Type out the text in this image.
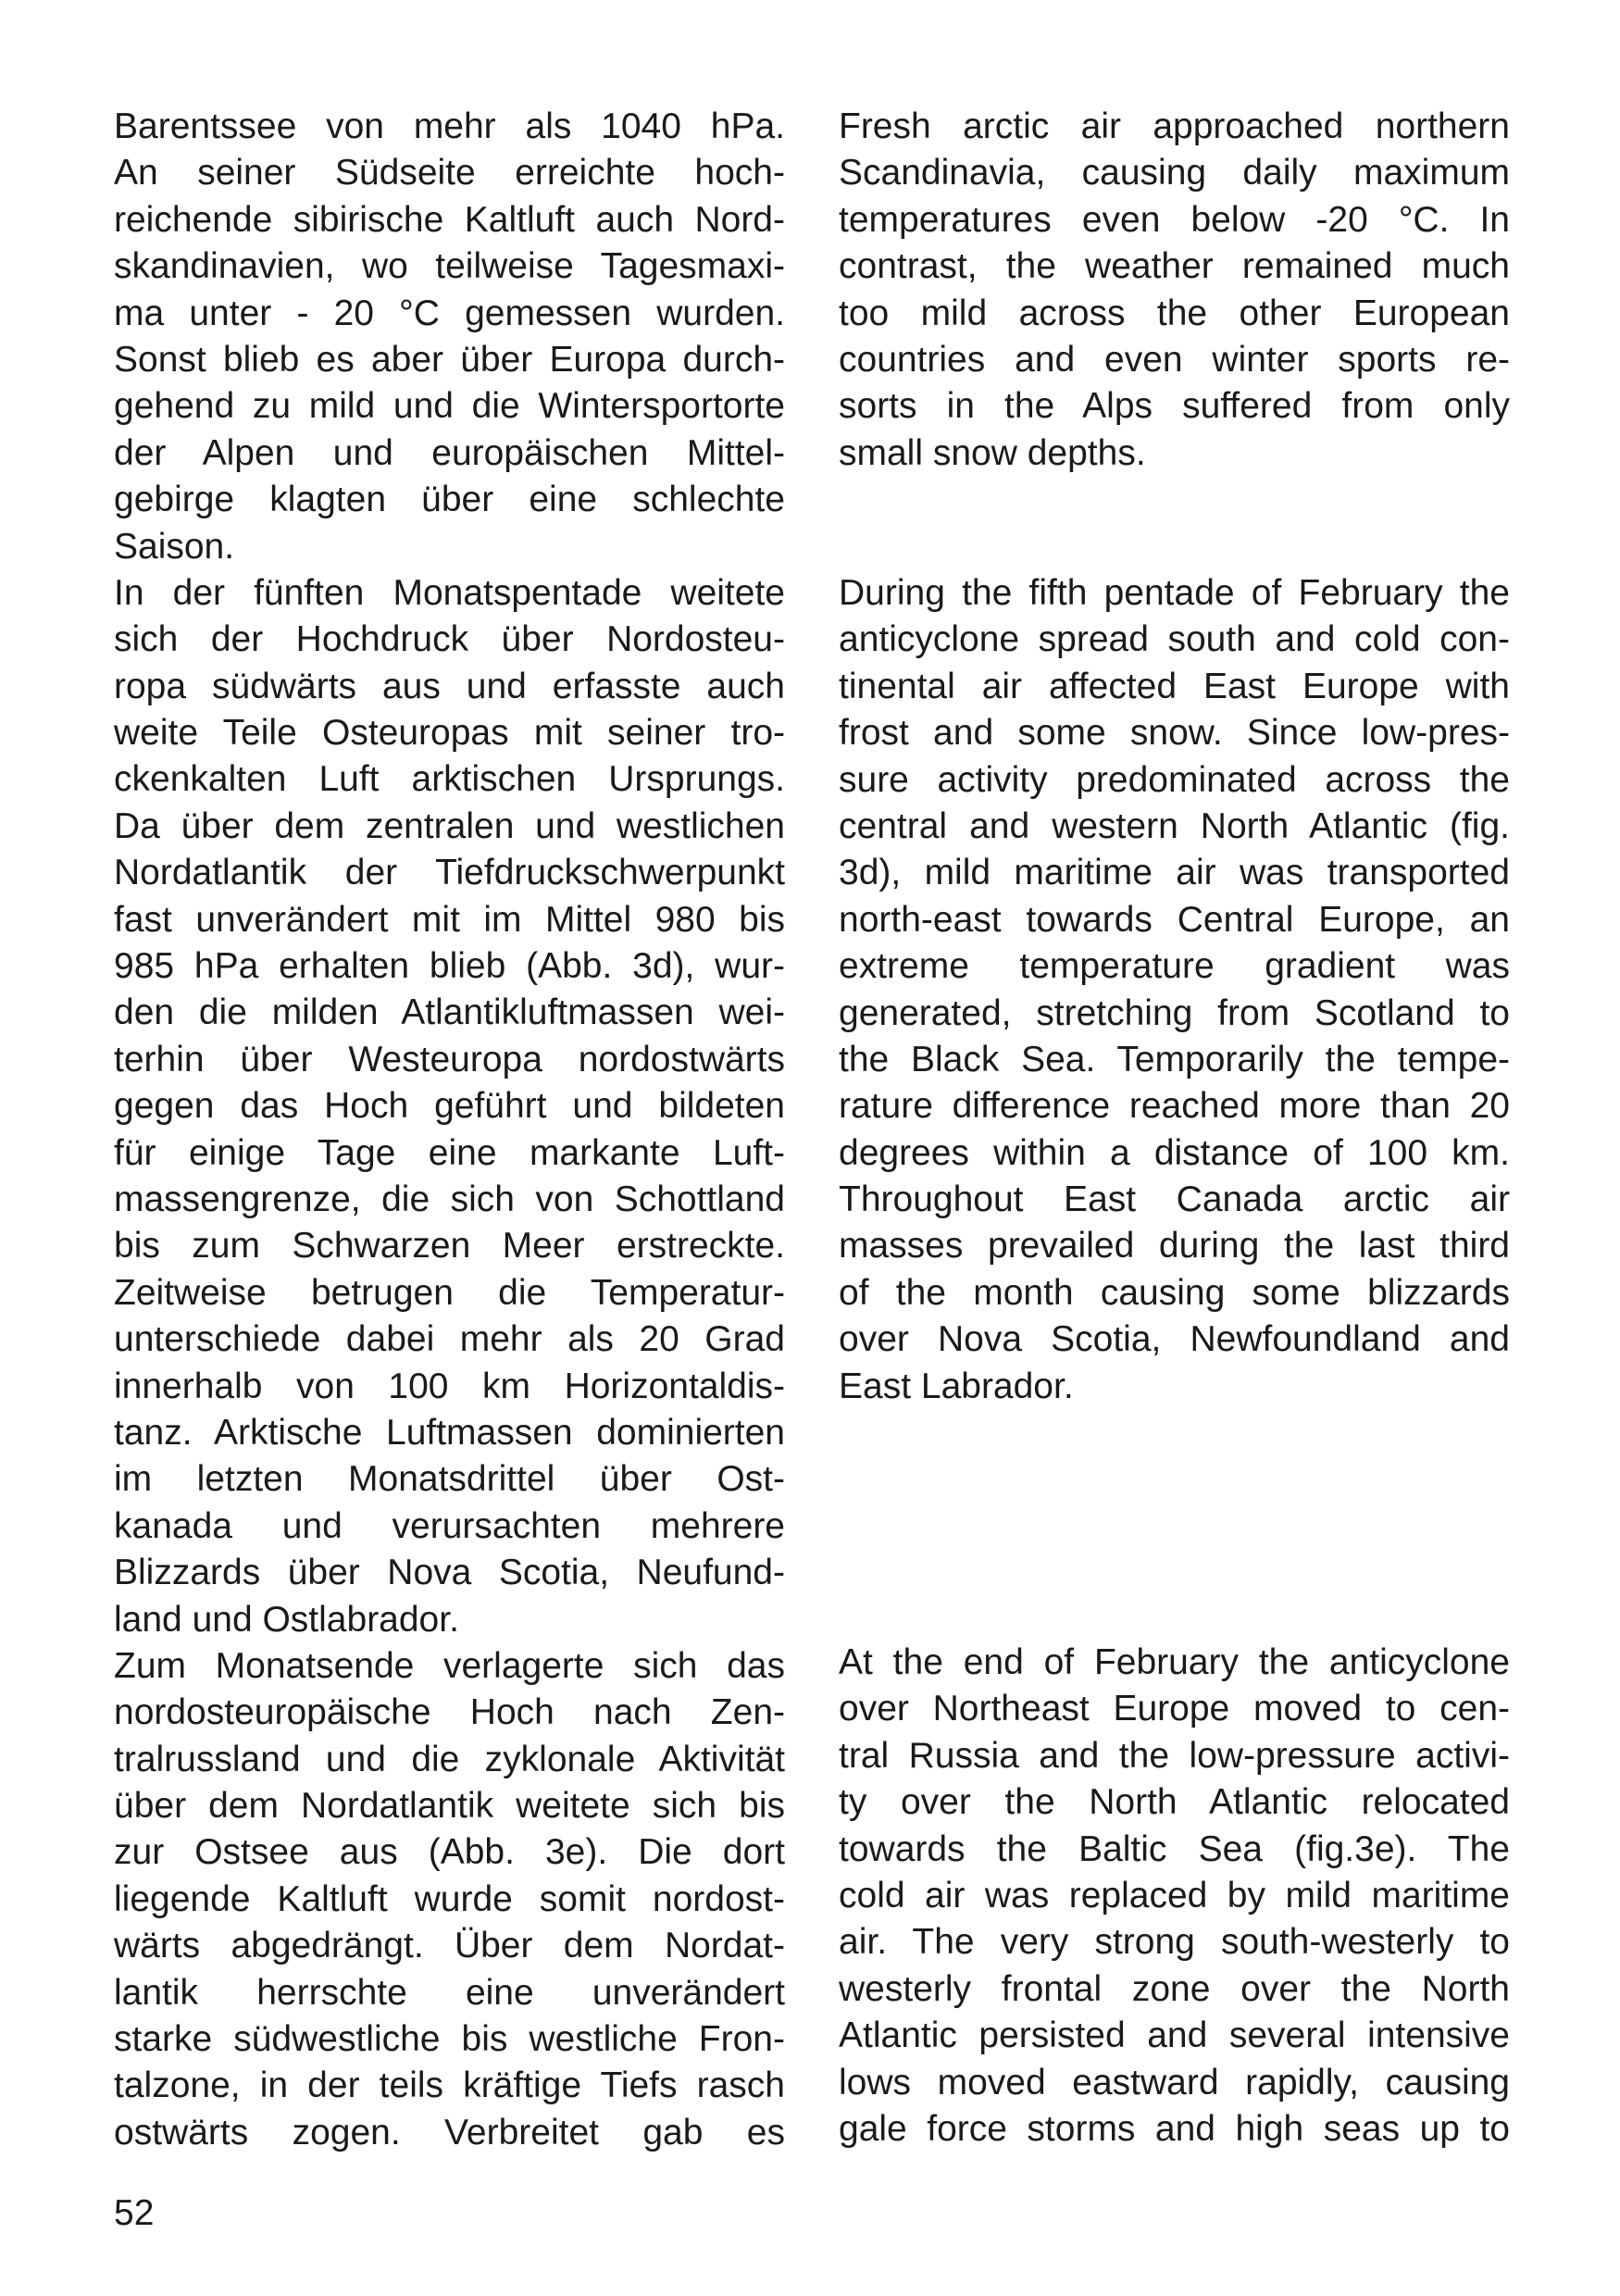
Barentssee von mehr als 1040 hPa.
An seiner Südseite erreichte hoch-
reichende sibirische Kaltluft auch Nord-
skandinavien, wo teilweise Tagesmaxi-
ma unter - 20 °C gemessen wurden.
Sonst blieb es aber über Europa durch-
gehend zu mild und die Wintersportorte
der Alpen und europäischen Mittel-
gebirge klagten über eine schlechte
Saison.
In der fünften Monatspentade weitete
sich der Hochdruck über Nordosteu-
ropa südwärts aus und erfasste auch
weite Teile Osteuropas mit seiner tro-
ckenkalten Luft arktischen Ursprungs.
Da über dem zentralen und westlichen
Nordatlantik der Tiefdruckschwerpunkt
fast unverändert mit im Mittel 980 bis
985 hPa erhalten blieb (Abb. 3d), wur-
den die milden Atlantikluftmassen wei-
terhin über Westeuropa nordostwärts
gegen das Hoch geführt und bildeten
für einige Tage eine markante Luft-
massengrenze, die sich von Schottland
bis zum Schwarzen Meer erstreckte.
Zeitweise betrugen die Temperatur-
unterschiede dabei mehr als 20 Grad
innerhalb von 100 km Horizontaldis-
tanz. Arktische Luftmassen dominierten
im letzten Monatsdrittel über Ost-
kanada und verursachten mehrere
Blizzards über Nova Scotia, Neufund-
land und Ostlabrador.
Zum Monatsende verlagerte sich das
nordosteuropäische Hoch nach Zen-
tralrussland und die zyklonale Aktivität
über dem Nordatlantik weitete sich bis
zur Ostsee aus (Abb. 3e). Die dort
liegende Kaltluft wurde somit nordost-
wärts abgedrängt. Über dem Nordat-
lantik herrschte eine unverändert
starke südwestliche bis westliche Fron-
talzone, in der teils kräftige Tiefs rasch
ostwärts zogen. Verbreitet gab es
Fresh arctic air approached northern
Scandinavia, causing daily maximum
temperatures even below -20 °C. In
contrast, the weather remained much
too mild across the other European
countries and even winter sports re-
sorts in the Alps suffered from only
small snow depths.
During the fifth pentade of February the
anticyclone spread south and cold con-
tinental air affected East Europe with
frost and some snow. Since low-pres-
sure activity predominated across the
central and western North Atlantic (fig.
3d), mild maritime air was transported
north-east towards Central Europe, an
extreme temperature gradient was
generated, stretching from Scotland to
the Black Sea. Temporarily the tempe-
rature difference reached more than 20
degrees within a distance of 100 km.
Throughout East Canada arctic air
masses prevailed during the last third
of the month causing some blizzards
over Nova Scotia, Newfoundland and
East Labrador.
At the end of February the anticyclone
over Northeast Europe moved to cen-
tral Russia and the low-pressure activi-
ty over the North Atlantic relocated
towards the Baltic Sea (fig.3e). The
cold air was replaced by mild maritime
air. The very strong south-westerly to
westerly frontal zone over the North
Atlantic persisted and several intensive
lows moved eastward rapidly, causing
gale force storms and high seas up to
52
